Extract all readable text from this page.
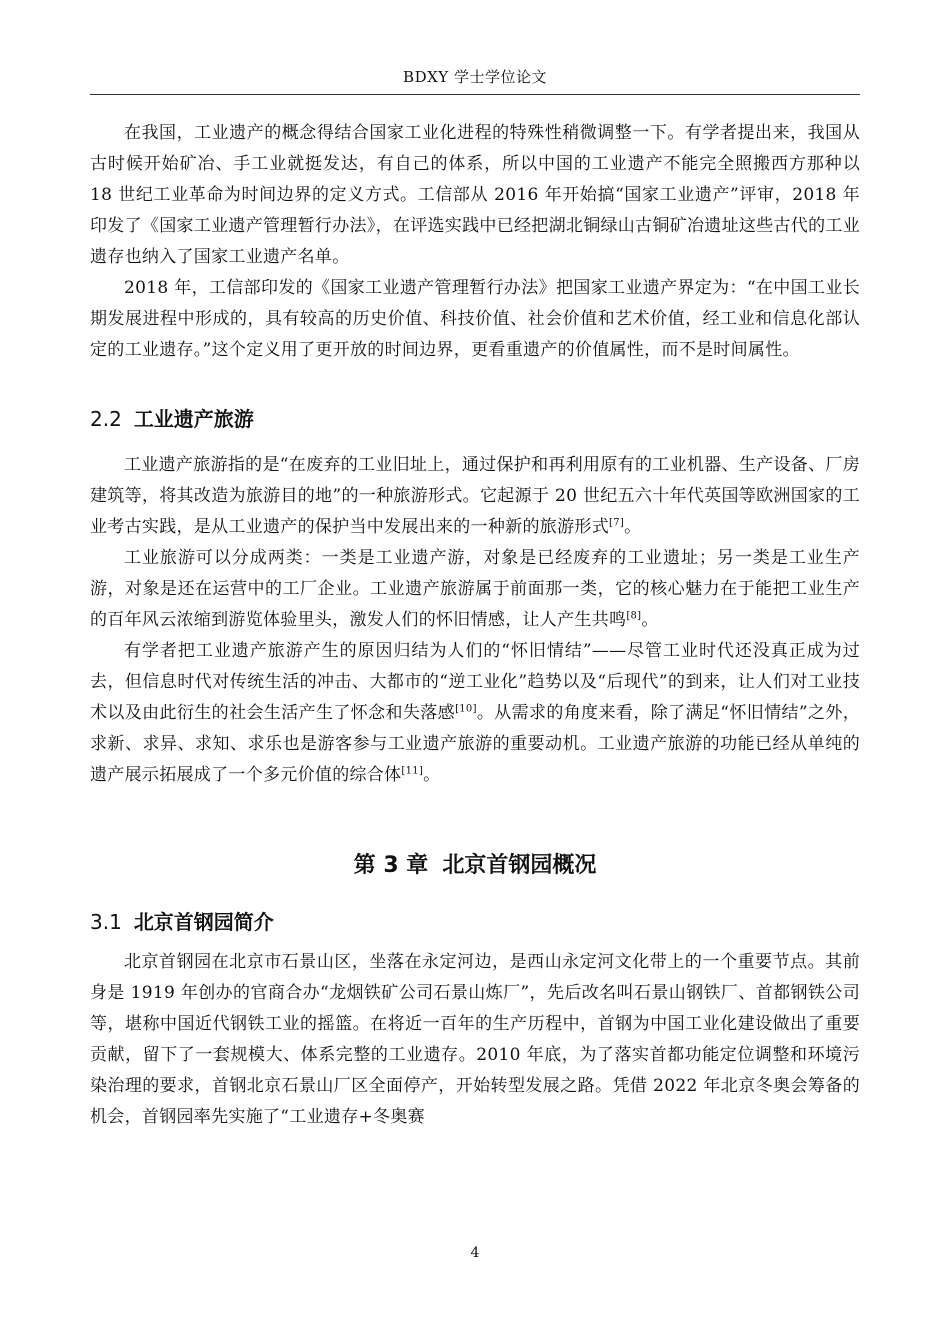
BDXY 学士学位论文

在我国，工业遗产的概念得结合国家工业化进程的特殊性稍微调整一下。有学者提出来，我国从古时候开始矿冶、手工业就挺发达，有自己的体系，所以中国的工业遗产不能完全照搬西方那种以 18 世纪工业革命为时间边界的定义方式。工信部从 2016 年开始搞“国家工业遗产”评审，2018 年印发了《国家工业遗产管理暂行办法》，在评选实践中已经把湖北铜绿山古铜矿冶遗址这些古代的工业遗存也纳入了国家工业遗产名单。

2018 年，工信部印发的《国家工业遗产管理暂行办法》把国家工业遗产界定为：“在中国工业长期发展进程中形成的，具有较高的历史价值、科技价值、社会价值和艺术价值，经工业和信息化部认定的工业遗存。”这个定义用了更开放的时间边界，更看重遗产的价值属性，而不是时间属性。

2.2 工业遗产旅游

工业遗产旅游指的是“在废弃的工业旧址上，通过保护和再利用原有的工业机器、生产设备、厂房建筑等，将其改造为旅游目的地”的一种旅游形式。它起源于 20 世纪五六十年代英国等欧洲国家的工业考古实践，是从工业遗产的保护当中发展出来的一种新的旅游形式[7]。

工业旅游可以分成两类：一类是工业遗产游，对象是已经废弃的工业遗址；另一类是工业生产游，对象是还在运营中的工厂企业。工业遗产旅游属于前面那一类，它的核心魅力在于能把工业生产的百年风云浓缩到游览体验里头，激发人们的怀旧情感，让人产生共鸣[8]。

有学者把工业遗产旅游产生的原因归结为人们的“怀旧情结”——尽管工业时代还没真正成为过去，但信息时代对传统生活的冲击、大都市的“逆工业化”趋势以及“后现代”的到来，让人们对工业技术以及由此衍生的社会生活产生了怀念和失落感[10]。从需求的角度来看，除了满足“怀旧情结”之外，求新、求异、求知、求乐也是游客参与工业遗产旅游的重要动机。工业遗产旅游的功能已经从单纯的遗产展示拓展成了一个多元价值的综合体[11]。

第 3 章 北京首钢园概况
3.1 北京首钢园简介

北京首钢园在北京市石景山区，坐落在永定河边，是西山永定河文化带上的一个重要节点。其前身是 1919 年创办的官商合办“龙烟铁矿公司石景山炼厂”，先后改名叫石景山钢铁厂、首都钢铁公司等，堪称中国近代钢铁工业的摇篮。在将近一百年的生产历程中，首钢为中国工业化建设做出了重要贡献，留下了一套规模大、体系完整的工业遗存。2010 年底，为了落实首都功能定位调整和环境污染治理的要求，首钢北京石景山厂区全面停产，开始转型发展之路。凭借 2022 年北京冬奥会筹备的机会，首钢园率先实施了“工业遗存+冬奥赛

4
